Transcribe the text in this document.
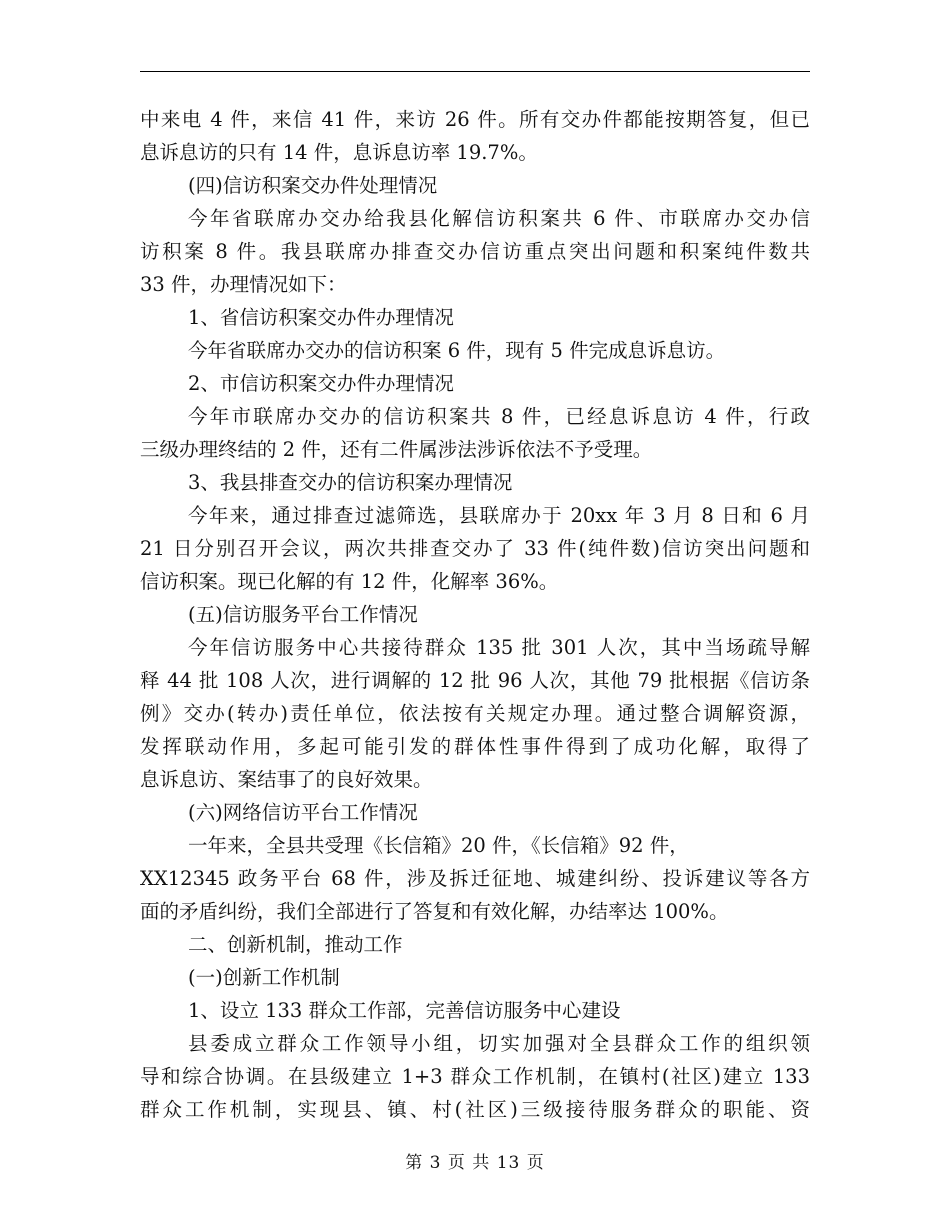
中来电 4 件，来信 41 件，来访 26 件。所有交办件都能按期答复，但已
息诉息访的只有 14 件，息诉息访率 19.7%。
(四)信访积案交办件处理情况
今年省联席办交办给我县化解信访积案共 6 件、市联席办交办信
访积案 8 件。我县联席办排查交办信访重点突出问题和积案纯件数共
33 件，办理情况如下：
1、省信访积案交办件办理情况
今年省联席办交办的信访积案 6 件，现有 5 件完成息诉息访。
2、市信访积案交办件办理情况
今年市联席办交办的信访积案共 8 件，已经息诉息访 4 件，行政
三级办理终结的 2 件，还有二件属涉法涉诉依法不予受理。
3、我县排查交办的信访积案办理情况
今年来，通过排查过滤筛选，县联席办于 20xx 年 3 月 8 日和 6 月
21 日分别召开会议，两次共排查交办了 33 件(纯件数)信访突出问题和
信访积案。现已化解的有 12 件，化解率 36%。
(五)信访服务平台工作情况
今年信访服务中心共接待群众 135 批 301 人次，其中当场疏导解
释 44 批 108 人次，进行调解的 12 批 96 人次，其他 79 批根据《信访条
例》交办(转办)责任单位，依法按有关规定办理。通过整合调解资源，
发挥联动作用，多起可能引发的群体性事件得到了成功化解，取得了
息诉息访、案结事了的良好效果。
(六)网络信访平台工作情况
一年来，全县共受理《长信箱》20 件，《长信箱》92 件，
XX12345 政务平台 68 件，涉及拆迁征地、城建纠纷、投诉建议等各方
面的矛盾纠纷，我们全部进行了答复和有效化解，办结率达 100%。
二、创新机制，推动工作
(一)创新工作机制
1、设立 133 群众工作部，完善信访服务中心建设
县委成立群众工作领导小组，切实加强对全县群众工作的组织领
导和综合协调。在县级建立 1+3 群众工作机制，在镇村(社区)建立 133
群众工作机制，实现县、镇、村(社区)三级接待服务群众的职能、资
第 3 页 共 13 页
